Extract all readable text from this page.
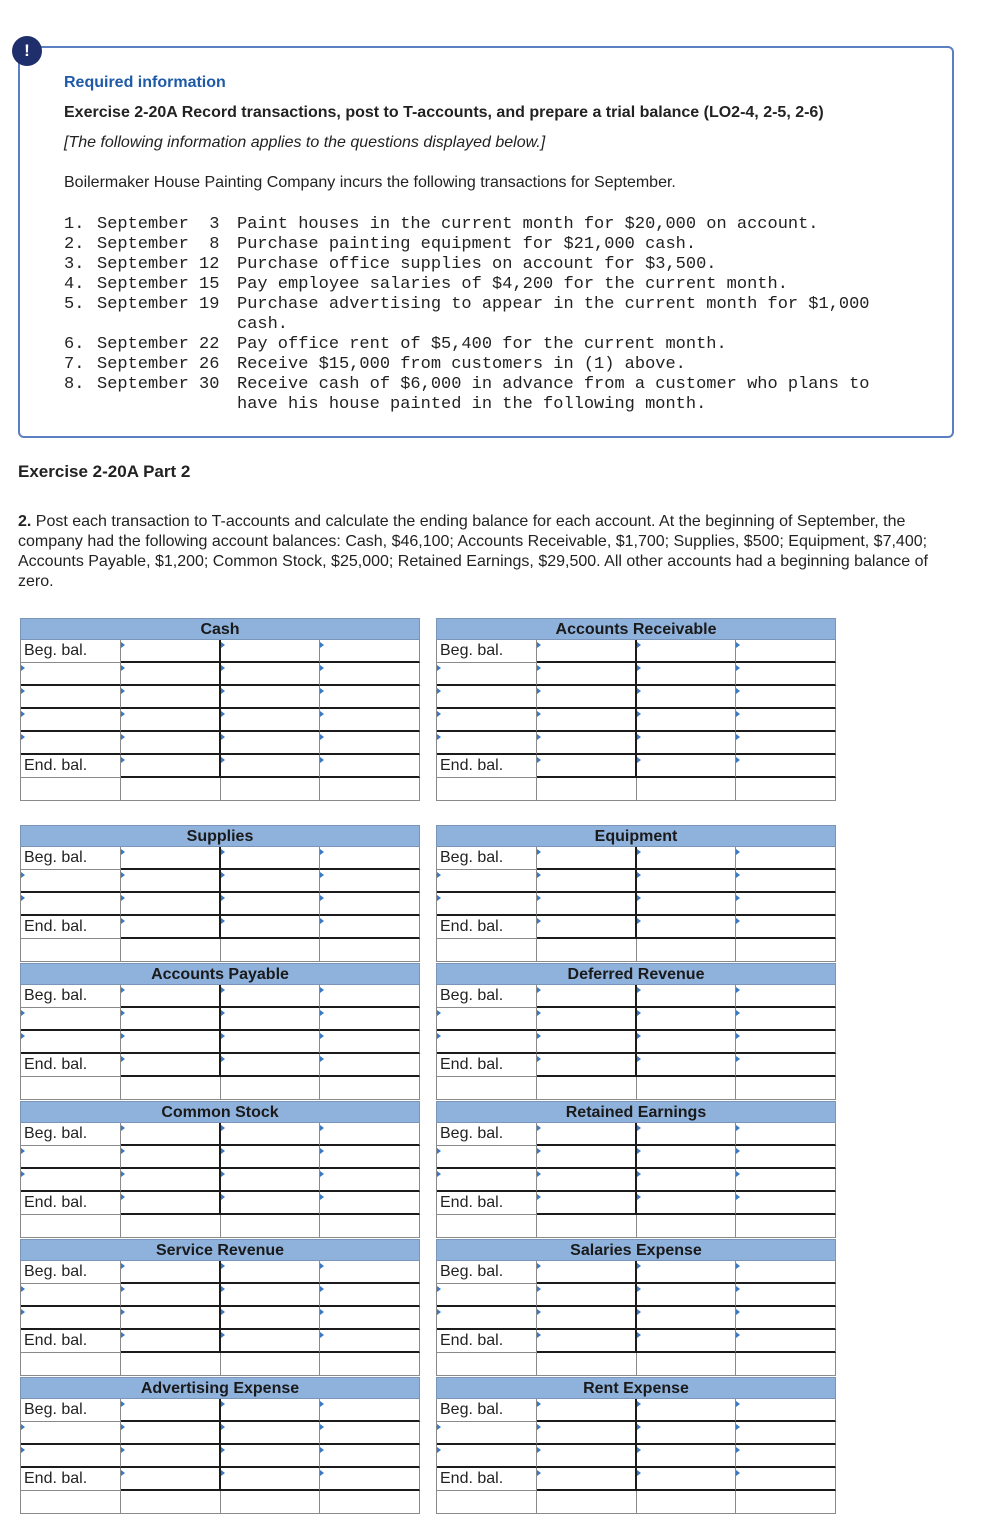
!
Required information
Exercise 2-20A Record transactions, post to T-accounts, and prepare a trial balance (LO2-4, 2-5, 2-6)
[The following information applies to the questions displayed below.]
Boilermaker House Painting Company incurs the following transactions for September.
1. September  3	Paint houses in the current month for $20,000 on account.
2. September  8	Purchase painting equipment for $21,000 cash.
3. September 12	Purchase office supplies on account for $3,500.
4. September 15	Pay employee salaries of $4,200 for the current month.
5. September 19	Purchase advertising to appear in the current month for $1,000 cash.
6. September 22	Pay office rent of $5,400 for the current month.
7. September 26	Receive $15,000 from customers in (1) above.
8. September 30	Receive cash of $6,000 in advance from a customer who plans to have his house painted in the following month.
Exercise 2-20A Part 2
2. Post each transaction to T-accounts and calculate the ending balance for each account. At the beginning of September, the company had the following account balances: Cash, $46,100; Accounts Receivable, $1,700; Supplies, $500; Equipment, $7,400; Accounts Payable, $1,200; Common Stock, $25,000; Retained Earnings, $29,500. All other accounts had a beginning balance of zero.
Cash
Beg. bal.
End. bal.
Accounts Receivable
Beg. bal.
End. bal.
Supplies
Beg. bal.
End. bal.
Equipment
Beg. bal.
End. bal.
Accounts Payable
Beg. bal.
End. bal.
Deferred Revenue
Beg. bal.
End. bal.
Common Stock
Beg. bal.
End. bal.
Retained Earnings
Beg. bal.
End. bal.
Service Revenue
Beg. bal.
End. bal.
Salaries Expense
Beg. bal.
End. bal.
Advertising Expense
Beg. bal.
End. bal.
Rent Expense
Beg. bal.
End. bal.
